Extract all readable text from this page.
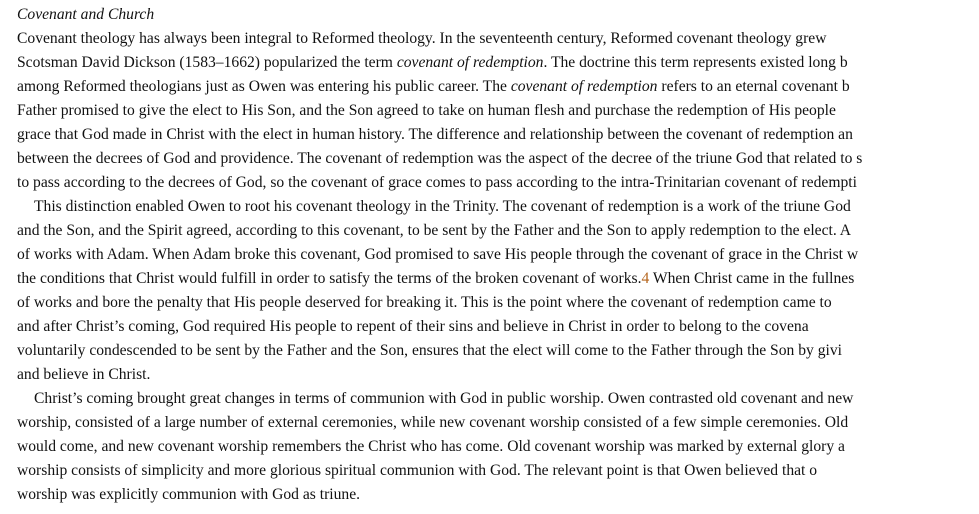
Covenant and Church
Covenant theology has always been integral to Reformed theology. In the seventeenth century, Reformed covenant theology grew
Scotsman David Dickson (1583–1662) popularized the term covenant of redemption. The doctrine this term represents existed long b
among Reformed theologians just as Owen was entering his public career. The covenant of redemption refers to an eternal covenant b
Father promised to give the elect to His Son, and the Son agreed to take on human flesh and purchase the redemption of His people
grace that God made in Christ with the elect in human history. The difference and relationship between the covenant of redemption an
between the decrees of God and providence. The covenant of redemption was the aspect of the decree of the triune God that related to s
to pass according to the decrees of God, so the covenant of grace comes to pass according to the intra-Trinitarian covenant of redempti
This distinction enabled Owen to root his covenant theology in the Trinity. The covenant of redemption is a work of the triune God
and the Son, and the Spirit agreed, according to this covenant, to be sent by the Father and the Son to apply redemption to the elect. A
of works with Adam. When Adam broke this covenant, God promised to save His people through the covenant of grace in the Christ w
the conditions that Christ would fulfill in order to satisfy the terms of the broken covenant of works.4 When Christ came in the fullnes
of works and bore the penalty that His people deserved for breaking it. This is the point where the covenant of redemption came to
and after Christ’s coming, God required His people to repent of their sins and believe in Christ in order to belong to the covena
voluntarily condescended to be sent by the Father and the Son, ensures that the elect will come to the Father through the Son by givi
and believe in Christ.
Christ’s coming brought great changes in terms of communion with God in public worship. Owen contrasted old covenant and new
worship, consisted of a large number of external ceremonies, while new covenant worship consisted of a few simple ceremonies. Old
would come, and new covenant worship remembers the Christ who has come. Old covenant worship was marked by external glory a
worship consists of simplicity and more glorious spiritual communion with God. The relevant point is that Owen believed that o
worship was explicitly communion with God as triune.
